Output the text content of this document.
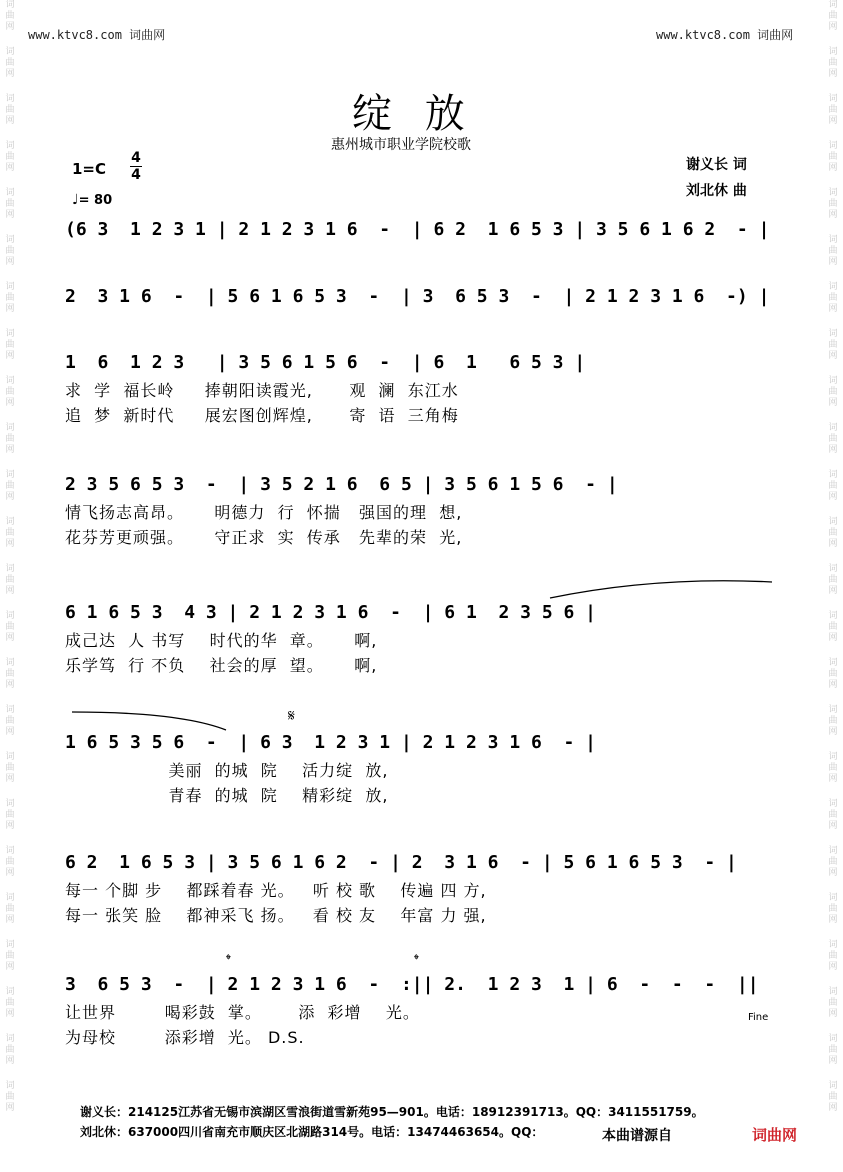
词
曲
网
词
曲
网
词
曲
网
词
曲
网
词
曲
网
词
曲
网
词
曲
网
词
曲
网
词
曲
网
词
曲
网
词
曲
网
词
曲
网
词
曲
网
词
曲
网
词
曲
网
词
曲
网
词
曲
网
词
曲
网
词
曲
网
词
曲
网
词
曲
网
词
曲
网
词
曲
网
词
曲
网
词
曲
网
词
曲
网
词
曲
网
词
曲
网
词
曲
网
词
曲
网
词
曲
网
词
曲
网
词
曲
网
词
曲
网
词
曲
网
词
曲
网
词
曲
网
词
曲
网
词
曲
网
词
曲
网
词
曲
网
词
曲
网
词
曲
网
词
曲
网
词
曲
网
词
曲
网
词
曲
网
词
曲
网
www.ktvc8.com 词曲网	www.ktvc8.com 词曲网
绽 放
惠州城市职业学院校歌
1=C
4
4
♩= 80
谢义长 词
刘北休 曲
(6 3  1 2 3 1 | 2 1 2 3 1 6  -  | 6 2  1 6 5 3 | 3 5 6 1 6 2  - |
2  3 1 6  -  | 5 6 1 6 5 3  -  | 3  6 5 3  -  | 2 1 2 3 1 6  -) |
1  6  1 2 3   | 3 5 6 1 5 6  -  | 6  1   6 5 3 |
求  学  福长岭     捧朝阳读霞光,      观  澜  东江水
追  梦  新时代     展宏图创辉煌,      寄  语  三角梅
2 3 5 6 5 3  -  | 3 5 2 1 6  6 5 | 3 5 6 1 5 6  - |
情飞扬志高昂。     明德力  行  怀揣   强国的理  想,
花芬芳更顽强。     守正求  实  传承   先辈的荣  光,
6 1 6 5 3  4 3 | 2 1 2 3 1 6  -  | 6 1  2 3 5 6 |
成己达  人 书写    时代的华  章。     啊,
乐学笃  行 不负    社会的厚  望。     啊,
𝄋
1 6 5 3 5 6  -  | 6 3  1 2 3 1 | 2 1 2 3 1 6  - |
美丽  的城  院    活力绽  放,
青春  的城  院    精彩绽  放,
6 2  1 6 5 3 | 3 5 6 1 6 2  - | 2  3 1 6  - | 5 6 1 6 5 3  - |
每一 个脚 步    都踩着春 光。   听 校 歌    传遍 四 方,
每一 张笑 脸    都神采飞 扬。   看 校 友    年富 力 强,
𝄌	𝄌
3  6 5 3  -  | 2 1 2 3 1 6  -  :|| 2.  1 2 3  1 | 6  -  -  -  ||
让世界        喝彩鼓  掌。      添  彩增    光。
为母校        添彩增  光。 D.S.
Fine
谢义长：214125江苏省无锡市滨湖区雪浪街道雪新苑95—901。电话：18912391713。QQ：3411551759。
刘北休：637000四川省南充市顺庆区北湖路314号。电话：13474463654。QQ：	本曲谱源自	词曲网
